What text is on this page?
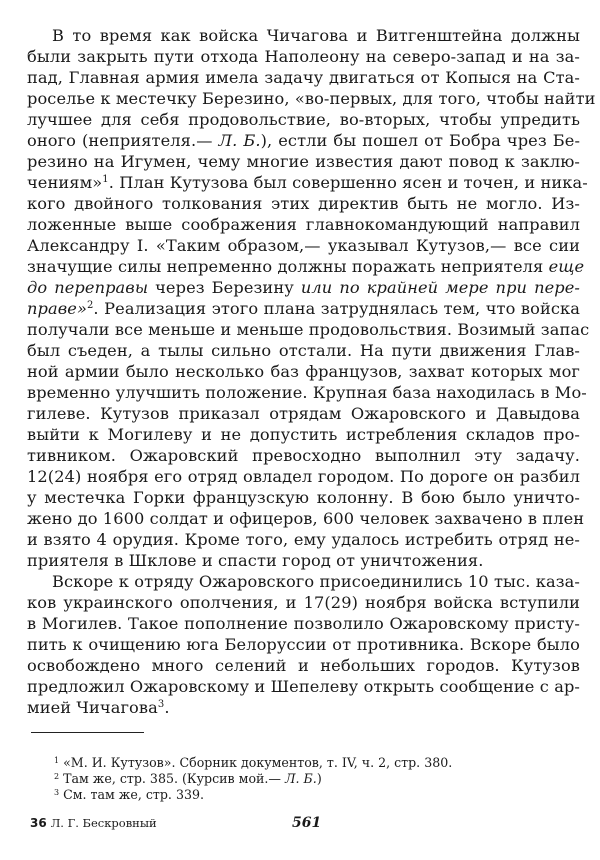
В то время как войска Чичагова и Витгенштейна должны
были закрыть пути отхода Наполеону на северо-запад и на за-
пад, Главная армия имела задачу двигаться от Копыся на Ста-
роселье к местечку Березино, «во-первых, для того, чтобы найти
лучшее для себя продовольствие, во-вторых, чтобы упредить
оного (неприятеля.— Л. Б.), естли бы пошел от Бобра чрез Бе-
резино на Игумен, чему многие известия дают повод к заклю-
чениям»$^1$. План Кутузова был совершенно ясен и точен, и ника-
кого двойного толкования этих директив быть не могло. Из-
ложенные выше соображения главнокомандующий направил
Александру I. «Таким образом,— указывал Кутузов,— все сии
значущие силы непременно должны поражать неприятеля еще
до переправы через Березину или по крайней мере при пере-
праве»$^2$. Реализация этого плана затруднялась тем, что войска
получали все меньше и меньше продовольствия. Возимый запас
был съеден, а тылы сильно отстали. На пути движения Глав-
ной армии было несколько баз французов, захват которых мог
временно улучшить положение. Крупная база находилась в Мо-
гилеве. Кутузов приказал отрядам Ожаровского и Давыдова
выйти к Могилеву и не допустить истребления складов про-
тивником. Ожаровский превосходно выполнил эту задачу.
12(24) ноября его отряд овладел городом. По дороге он разбил
у местечка Горки французскую колонну. В бою было уничто-
жено до 1600 солдат и офицеров, 600 человек захвачено в плен
и взято 4 орудия. Кроме того, ему удалось истребить отряд не-
приятеля в Шклове и спасти город от уничтожения.
Вскоре к отряду Ожаровского присоединились 10 тыс. каза-
ков украинского ополчения, и 17(29) ноября войска вступили
в Могилев. Такое пополнение позволило Ожаровскому присту-
пить к очищению юга Белоруссии от противника. Вскоре было
освобождено много селений и небольших городов. Кутузов
предложил Ожаровскому и Шепелеву открыть сообщение с ар-
мией Чичагова$^3$.
$^1$ «М. И. Кутузов». Сборник документов, т. IV, ч. 2, стр. 380.
$^2$ Там же, стр. 385. (Курсив мой.— Л. Б.)
$^3$ См. там же, стр. 339.
36 Л. Г. Бескровный	561
